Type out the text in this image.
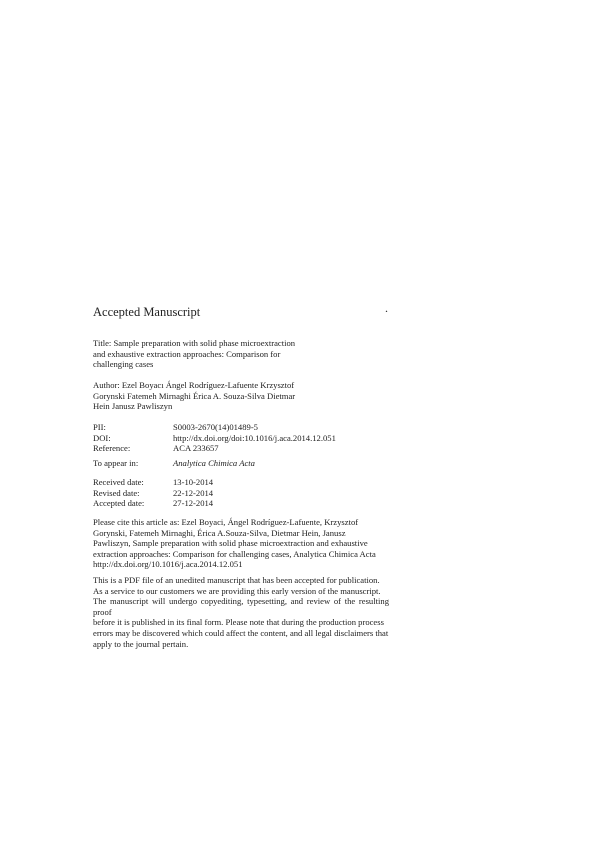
Accepted Manuscript	.
Title: Sample preparation with solid phase microextraction
and exhaustive extraction approaches: Comparison for
challenging cases
Author: Ezel Boyacı Ángel Rodríguez-Lafuente Krzysztof
Gorynski Fatemeh Mirnaghi Érica A. Souza-Silva Dietmar
Hein Janusz Pawliszyn
PII:	S0003-2670(14)01489-5
DOI:	http://dx.doi.org/doi:10.1016/j.aca.2014.12.051
Reference:	ACA 233657
To appear in:	Analytica Chimica Acta
Received date:	13-10-2014
Revised date:	22-12-2014
Accepted date:	27-12-2014
Please cite this article as: Ezel Boyaci, Ángel Rodríguez-Lafuente, Krzysztof
Gorynski, Fatemeh Mirnaghi, Érica A.Souza-Silva, Dietmar Hein, Janusz
Pawliszyn, Sample preparation with solid phase microextraction and exhaustive
extraction approaches: Comparison for challenging cases, Analytica Chimica Acta
http://dx.doi.org/10.1016/j.aca.2014.12.051
This is a PDF file of an unedited manuscript that has been accepted for publication.
As a service to our customers we are providing this early version of the manuscript.
The manuscript will undergo copyediting, typesetting, and review of the resulting proof
before it is published in its final form. Please note that during the production process
errors may be discovered which could affect the content, and all legal disclaimers that
apply to the journal pertain.
